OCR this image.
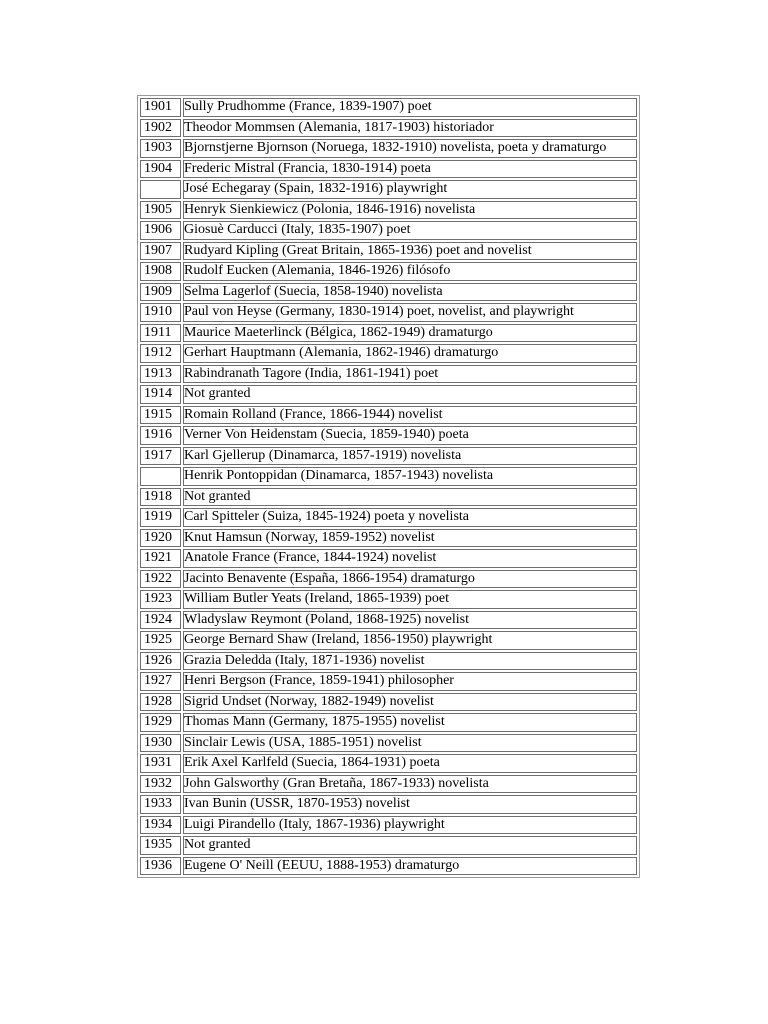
1901	Sully Prudhomme (France, 1839-1907) poet
1902	Theodor Mommsen (Alemania, 1817-1903) historiador
1903	Bjornstjerne Bjornson (Noruega, 1832-1910) novelista, poeta y dramaturgo
1904	Frederic Mistral (Francia, 1830-1914) poeta
	José Echegaray (Spain, 1832-1916) playwright
1905	Henryk Sienkiewicz (Polonia, 1846-1916) novelista
1906	Giosuè Carducci (Italy, 1835-1907) poet
1907	Rudyard Kipling (Great Britain, 1865-1936) poet and novelist
1908	Rudolf Eucken (Alemania, 1846-1926) filósofo
1909	Selma Lagerlof (Suecia, 1858-1940) novelista
1910	Paul von Heyse (Germany, 1830-1914) poet, novelist, and playwright
1911	Maurice Maeterlinck (Bélgica, 1862-1949) dramaturgo
1912	Gerhart Hauptmann (Alemania, 1862-1946) dramaturgo
1913	Rabindranath Tagore (India, 1861-1941) poet
1914	Not granted
1915	Romain Rolland (France, 1866-1944) novelist
1916	Verner Von Heidenstam (Suecia, 1859-1940) poeta
1917	Karl Gjellerup (Dinamarca, 1857-1919) novelista
	Henrik Pontoppidan (Dinamarca, 1857-1943) novelista
1918	Not granted
1919	Carl Spitteler (Suiza, 1845-1924) poeta y novelista
1920	Knut Hamsun (Norway, 1859-1952) novelist
1921	Anatole France (France, 1844-1924) novelist
1922	Jacinto Benavente (España, 1866-1954) dramaturgo
1923	William Butler Yeats (Ireland, 1865-1939) poet
1924	Wladyslaw Reymont (Poland, 1868-1925) novelist
1925	George Bernard Shaw (Ireland, 1856-1950) playwright
1926	Grazia Deledda (Italy, 1871-1936) novelist
1927	Henri Bergson (France, 1859-1941) philosopher
1928	Sigrid Undset (Norway, 1882-1949) novelist
1929	Thomas Mann (Germany, 1875-1955) novelist
1930	Sinclair Lewis (USA, 1885-1951) novelist
1931	Erik Axel Karlfeld (Suecia, 1864-1931) poeta
1932	John Galsworthy (Gran Bretaña, 1867-1933) novelista
1933	Ivan Bunin (USSR, 1870-1953) novelist
1934	Luigi Pirandello (Italy, 1867-1936) playwright
1935	Not granted
1936	Eugene O' Neill (EEUU, 1888-1953) dramaturgo
